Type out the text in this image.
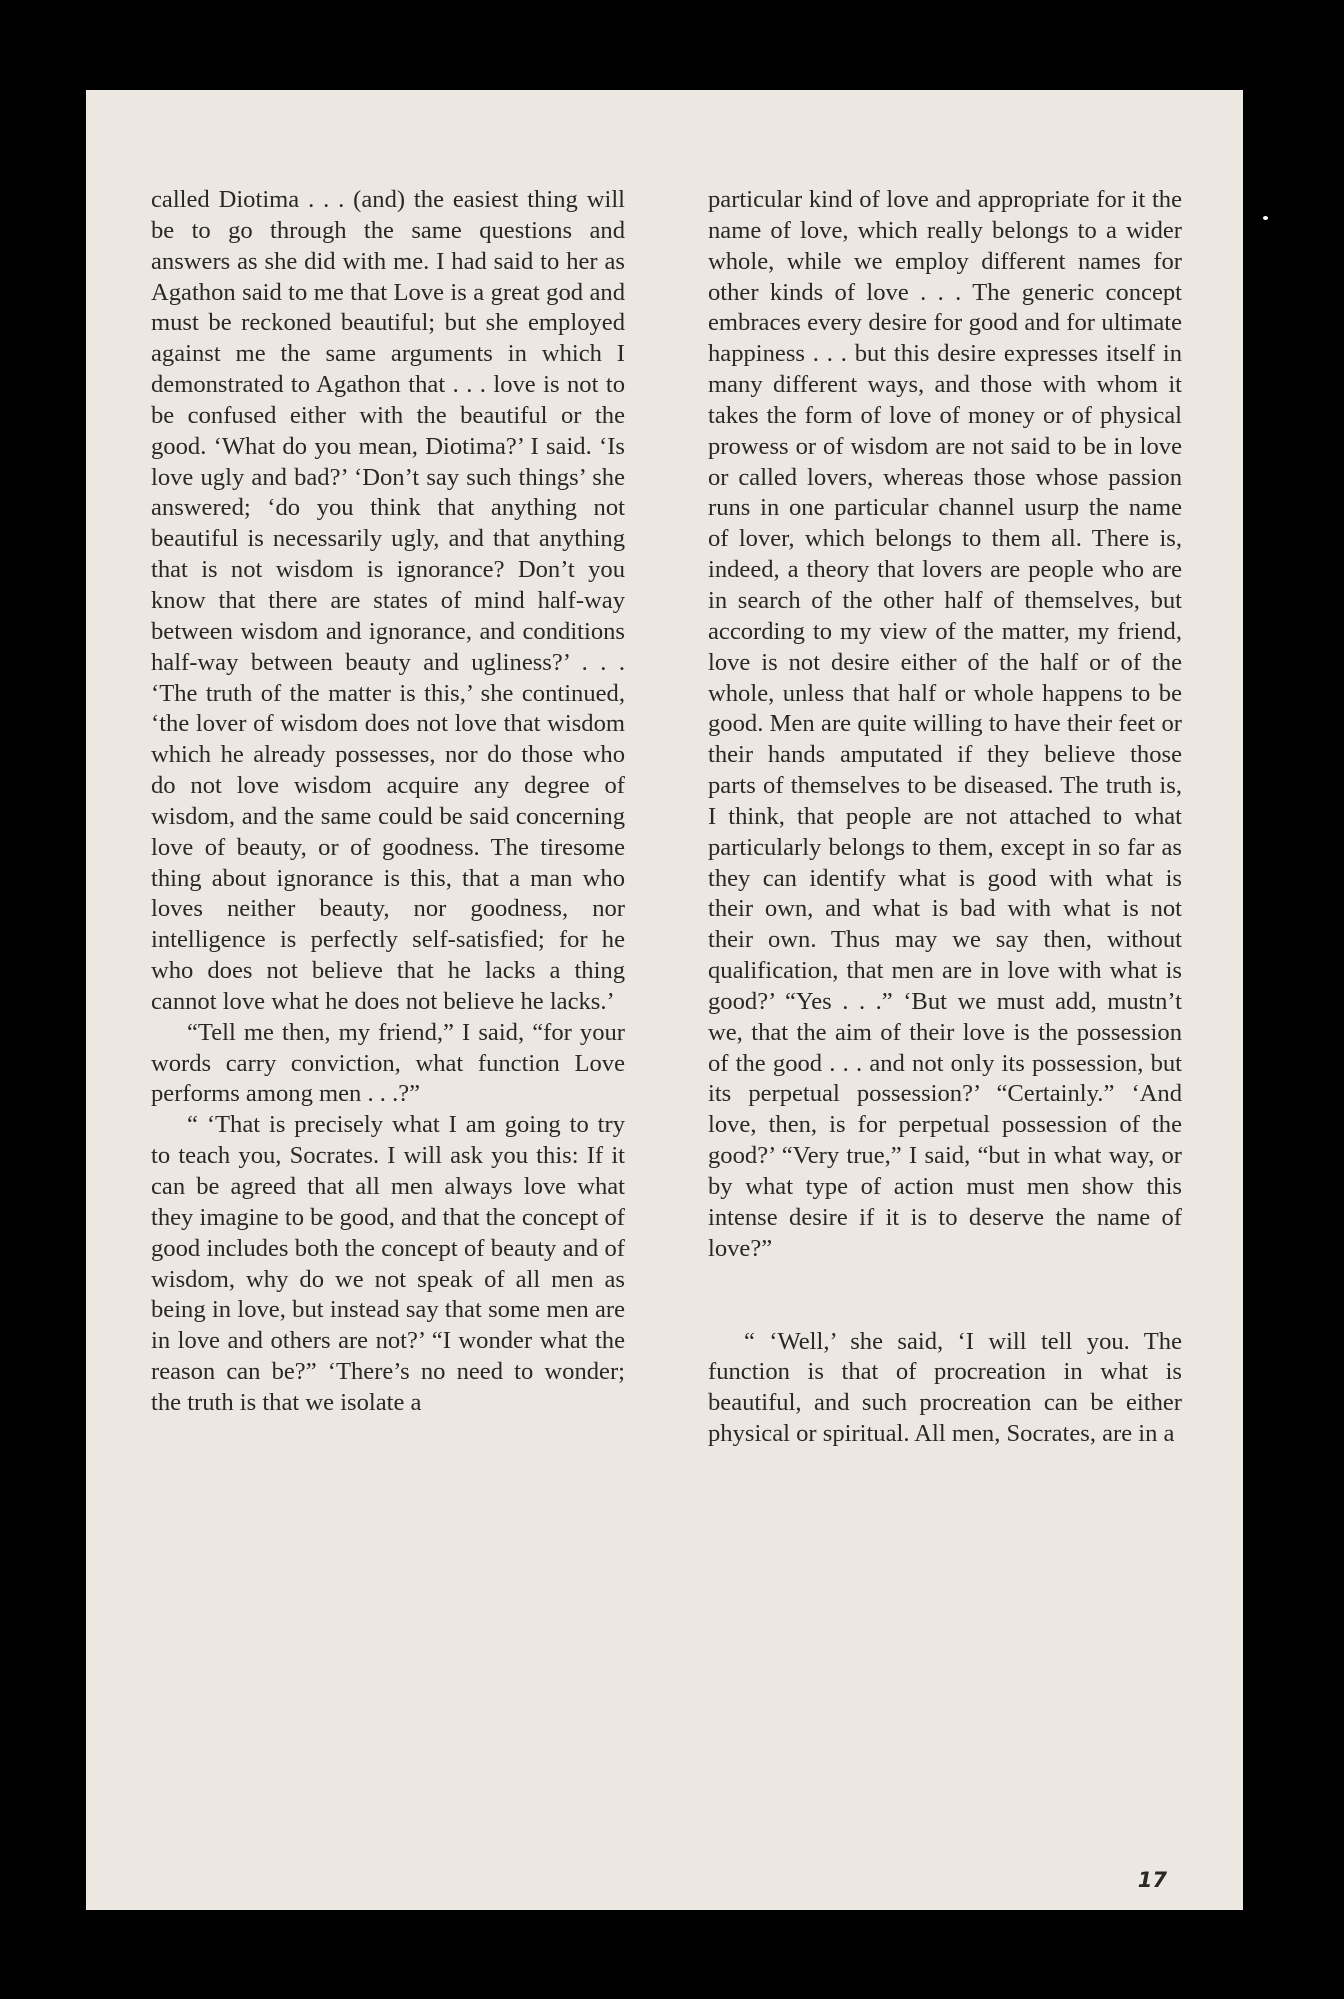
called Diotima . . . (and) the easiest thing will be to go through the same questions and answers as she did with me. I had said to her as Agathon said to me that Love is a great god and must be reckoned beautiful; but she employed against me the same arguments in which I demonstrated to Agathon that . . . love is not to be confused either with the beautiful or the good. ‘What do you mean, Diotima?’ I said. ‘Is love ugly and bad?’ ‘Don’t say such things’ she answered; ‘do you think that anything not beautiful is necessarily ugly, and that anything that is not wisdom is ignorance? Don’t you know that there are states of mind half-way between wisdom and ignorance, and conditions half-way between beauty and ugliness?’ . . . ‘The truth of the matter is this,’ she continued, ‘the lover of wisdom does not love that wisdom which he already possesses, nor do those who do not love wisdom acquire any degree of wisdom, and the same could be said concerning love of beauty, or of goodness. The tiresome thing about ignorance is this, that a man who loves neither beauty, nor goodness, nor intelligence is perfectly self-satisfied; for he who does not believe that he lacks a thing cannot love what he does not believe he lacks.’

“Tell me then, my friend,” I said, “for your words carry conviction, what function Love performs among men . . .?”

“ ‘That is precisely what I am going to try to teach you, Socrates. I will ask you this: If it can be agreed that all men always love what they imagine to be good, and that the concept of good includes both the concept of beauty and of wisdom, why do we not speak of all men as being in love, but instead say that some men are in love and others are not?’ “I wonder what the reason can be?” ‘There’s no need to wonder; the truth is that we isolate a

particular kind of love and appropriate for it the name of love, which really belongs to a wider whole, while we employ different names for other kinds of love . . . The generic concept embraces every desire for good and for ultimate happiness . . . but this desire expresses itself in many different ways, and those with whom it takes the form of love of money or of physical prowess or of wisdom are not said to be in love or called lovers, whereas those whose passion runs in one particular channel usurp the name of lover, which belongs to them all. There is, indeed, a theory that lovers are people who are in search of the other half of themselves, but according to my view of the matter, my friend, love is not desire either of the half or of the whole, unless that half or whole happens to be good. Men are quite willing to have their feet or their hands amputated if they believe those parts of themselves to be diseased. The truth is, I think, that people are not attached to what particularly belongs to them, except in so far as they can identify what is good with what is their own, and what is bad with what is not their own. Thus may we say then, without qualification, that men are in love with what is good?’ “Yes . . .” ‘But we must add, mustn’t we, that the aim of their love is the possession of the good . . . and not only its possession, but its perpetual possession?’ “Certainly.” ‘And love, then, is for perpetual possession of the good?’ “Very true,” I said, “but in what way, or by what type of action must men show this intense desire if it is to deserve the name of love?”

“ ‘Well,’ she said, ‘I will tell you. The function is that of procreation in what is beautiful, and such procreation can be either physical or spiritual. All men, Socrates, are in a

17
